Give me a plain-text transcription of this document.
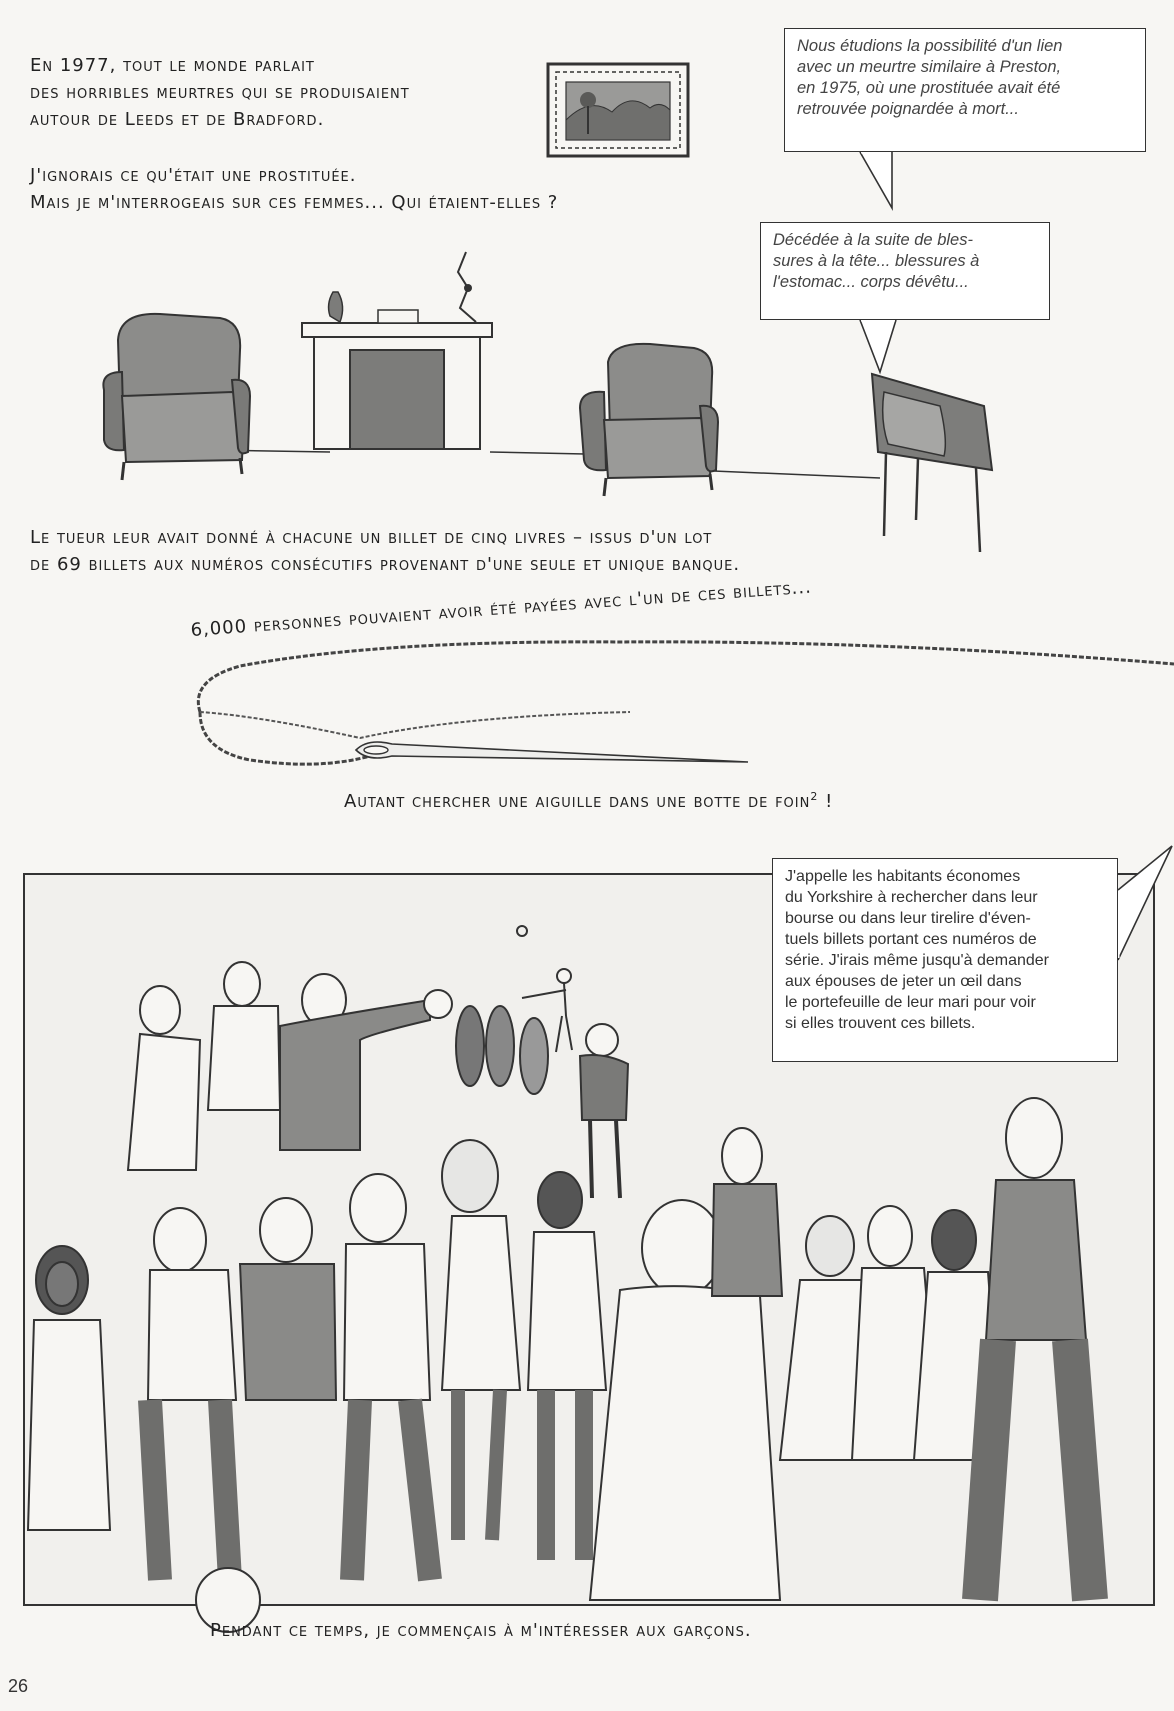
En 1977, tout le monde parlait

des horribles meurtres qui se produisaient

autour de Leeds et de Bradford.

J'ignorais ce qu'était une prostituée.

Mais je m'interrogeais sur ces femmes... Qui étaient-elles ?

Nous étudions la possibilité d'un lien
avec un meurtre similaire à Preston,
en 1975, où une prostituée avait été
retrouvée poignardée à mort...
Décédée à la suite de bles-
sures à la tête... blessures à
l'estomac... corps dévêtu...

Le tueur leur avait donné à chacune un billet de cinq livres – issus d'un lot

de 69 billets aux numéros consécutifs provenant d'une seule et unique banque.

6,000 personnes pouvaient avoir été payées avec l'un de ces billets...
Autant chercher une aiguille dans une botte de foin$^2$ !
J'appelle les habitants économes
du Yorkshire à rechercher dans leur
bourse ou dans leur tirelire d'éven-
tuels billets portant ces numéros de
série. J'irais même jusqu'à demander
aux épouses de jeter un œil dans
le portefeuille de leur mari pour voir
si elles trouvent ces billets.
Pendant ce temps, je commençais à m'intéresser aux garçons.
26
